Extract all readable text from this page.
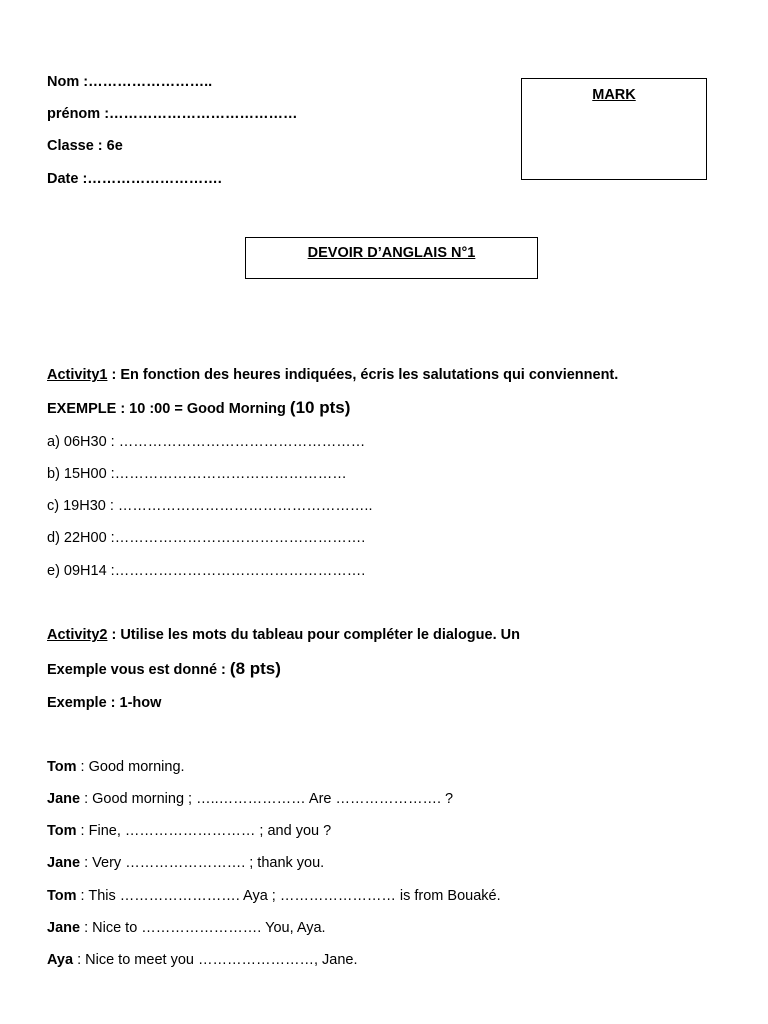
Nom :……………………..
prénom :…………………………………
Classe : 6e
Date :……………………….
MARK
DEVOIR D’ANGLAIS N°1
Activity1 : En fonction des heures indiquées, écris les salutations qui conviennent.
EXEMPLE : 10 :00 = Good Morning (10 pts)
a) 06H30 : ……………………………………………
b) 15H00 :…………………………………………
c) 19H30 : ……………………………………………..
d) 22H00 :…………………………………………….
e) 09H14 :…………………………………………….
Activity2 : Utilise les mots du tableau pour compléter le dialogue. Un
Exemple vous est donné : (8 pts)
Exemple : 1-how
Tom : Good morning.
Jane : Good morning ; …..……………… Are …………………. ?
Tom : Fine, ……………………… ; and you ?
Jane : Very ……………………. ; thank you.
Tom : This ……………………. Aya ; …………………… is from Bouaké.
Jane : Nice to ……………………. You, Aya.
Aya : Nice to meet you ……………………, Jane.
